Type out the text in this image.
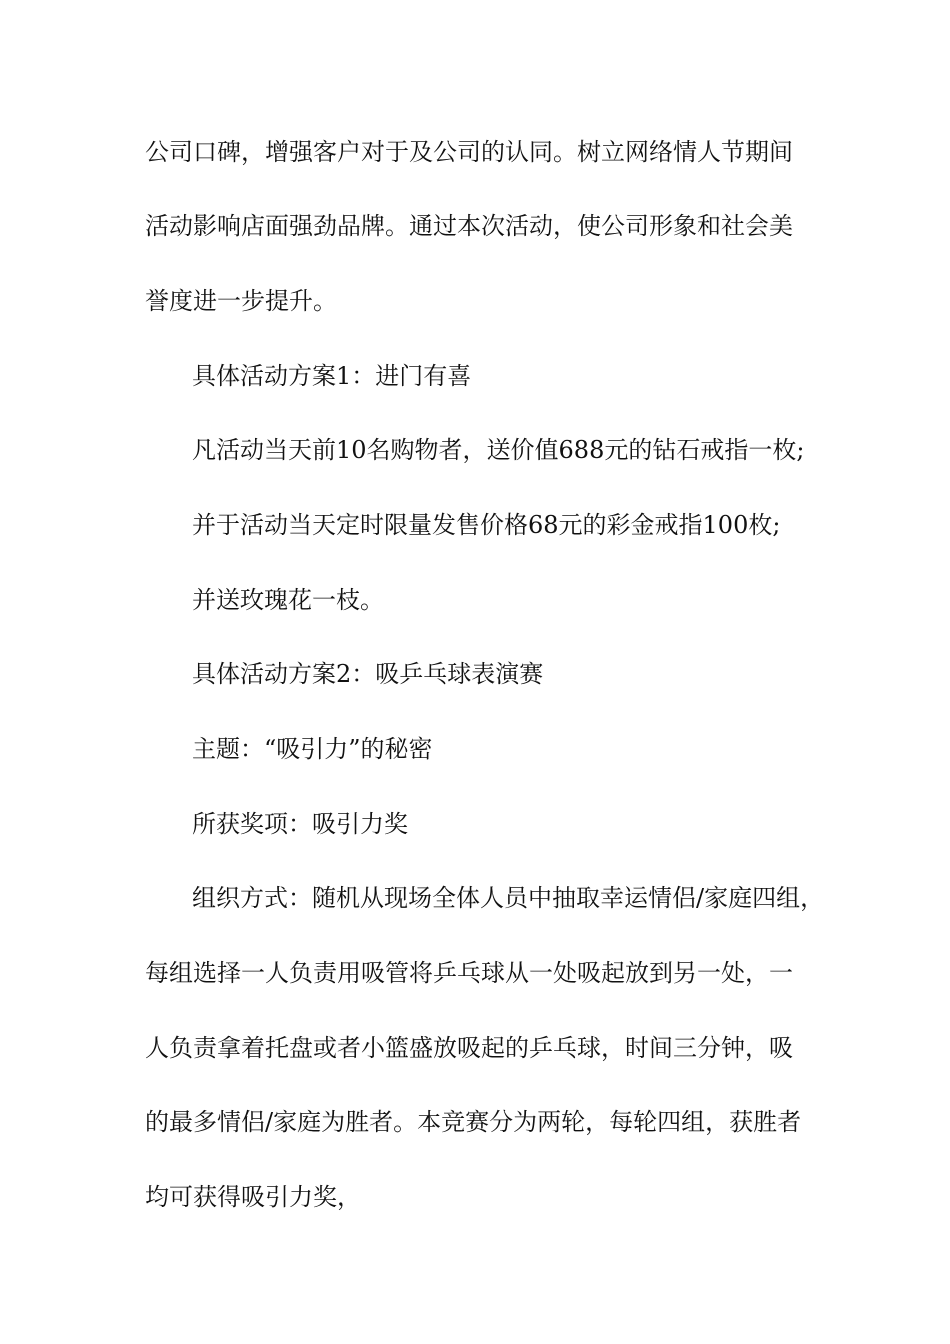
公司口碑，增强客户对于及公司的认同。树立网络情人节期间
活动影响店面强劲品牌。通过本次活动，使公司形象和社会美
誉度进一步提升。
具体活动方案1：进门有喜
凡活动当天前10名购物者，送价值688元的钻石戒指一枚;
并于活动当天定时限量发售价格68元的彩金戒指100枚;
并送玫瑰花一枝。
具体活动方案2：吸乒乓球表演赛
主题：“吸引力”的秘密
所获奖项：吸引力奖
组织方式：随机从现场全体人员中抽取幸运情侣/家庭四组，
每组选择一人负责用吸管将乒乓球从一处吸起放到另一处，一
人负责拿着托盘或者小篮盛放吸起的乒乓球，时间三分钟，吸
的最多情侣/家庭为胜者。本竞赛分为两轮，每轮四组，获胜者
均可获得吸引力奖，
